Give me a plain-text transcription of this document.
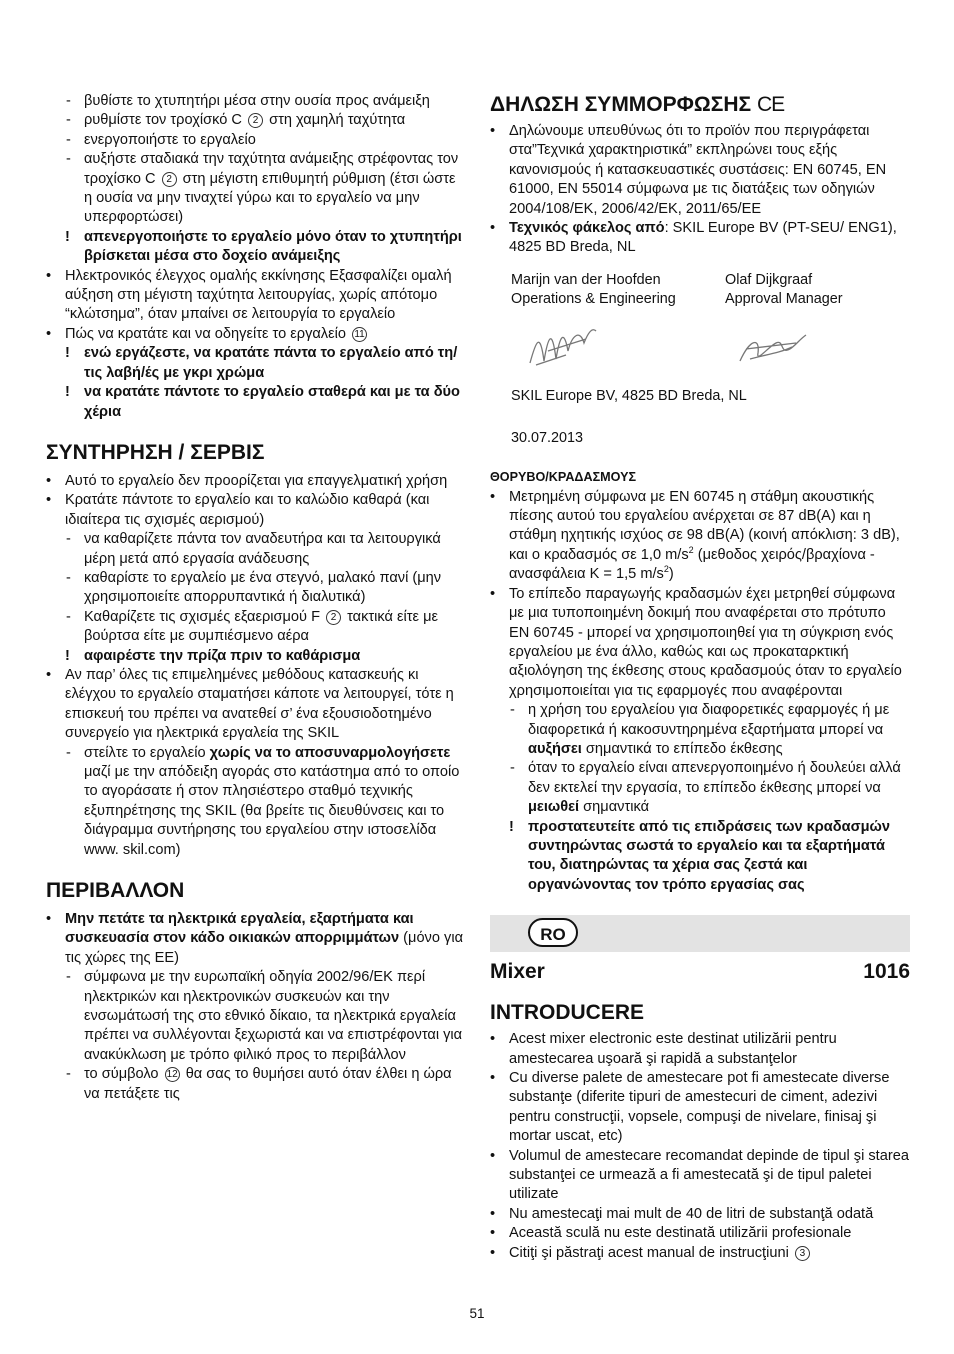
- βυθίστε το χτυπητήρι μέσα στην ουσία προς ανάμειξη
- ρυθμίστε τον τροχίσκό C 2 στη χαμηλή ταχύτητα
- ενεργοποιήστε το εργαλείο
- αυξήστε σταδιακά την ταχύτητα ανάμειξης στρέφοντας τον τροχίσκο C 2 στη μέγιστη επιθυμητή ρύθμιση (έτσι ώστε η ουσία να μην τιναχτεί γύρω και το εργαλείο να μην υπερφορτώσει)
! απενεργοποιήστε το εργαλείο μόνο όταν το χτυπητήρι βρίσκεται μέσα στο δοχείο ανάμειξης
• Ηλεκτρονικός έλεγχος ομαλής εκκίνησης Εξασφαλίζει ομαλή αύξηση στη μέγιστη ταχύτητα λειτουργίας, χωρίς απότομο “κλώτσημα”, όταν μπαίνει σε λειτουργία το εργαλείο
• Πώς να κρατάτε και να οδηγείτε το εργαλείο 11
! ενώ εργάζεστε, να κρατάτε πάντα το εργαλείο από τη/τις λαβή/ές με γκρι χρώμα
! να κρατάτε πάντοτε το εργαλείο σταθερά και με τα δύο χέρια
ΣΥΝΤΗΡΗΣΗ / ΣΕΡΒΙΣ
• Αυτό το εργαλείο δεν προορίζεται για επαγγελματική χρήση
• Κρατάτε πάντοτε το εργαλείο και το καλώδιο καθαρά (και ιδιαίτερα τις σχισμές αερισμού)
- να καθαρίζετε πάντα τον αναδευτήρα και τα λειτουργικά μέρη μετά από εργασία ανάδευσης
- καθαρίστε το εργαλείο με ένα στεγνό, μαλακό πανί (μην χρησιμοποιείτε απορρυπαντικά ή διαλυτικά)
- Καθαρίζετε τις σχισμές εξαερισμού F 2 τακτικά είτε με βούρτσα είτε με συμπιέσμενο αέρα
! αφαιρέστε την πρίζα πριν το καθάρισμα
• Αν παρ’ όλες τις επιμελημένες μεθόδους κατασκευής κι ελέγχου το εργαλείο σταματήσει κάποτε να λειτουργεί, τότε η επισκευή του πρέπει να ανατεθεί σ’ ένα εξουσιοδοτημένο συνεργείο για ηλεκτρικά εργαλεία της SKIL
- στείλτε το εργαλείο χωρίς να το αποσυναρμολογήσετε μαζί με την απόδειξη αγοράς στο κατάστημα από το οποίο το αγοράσατε ή στον πλησιέστερο σταθμό τεχνικής εξυπηρέτησης της SKIL (θα βρείτε τις διευθύνσεις και το διάγραμμα συντήρησης του εργαλείου στην ιστοσελίδα www. skil.com)
ΠΕΡΙΒΑΛΛΟΝ
• Μην πετάτε τα ηλεκτρικά εργαλεία, εξαρτήματα και συσκευασία στον κάδο οικιακών απορριμμάτων (μόνο για τις χώρες της ΕΕ)
- σύμφωνα με την ευρωπαϊκή οδηγία 2002/96/ΕΚ περί ηλεκτρικών και ηλεκτρονικών συσκευών και την ενσωμάτωσή της στο εθνικό δίκαιο, τα ηλεκτρικά εργαλεία πρέπει να συλλέγονται ξεχωριστά και να επιστρέφονται για ανακύκλωση με τρόπο φιλικό προς το περιβάλλον
- το σύμβολο 12 θα σας το θυμήσει αυτό όταν έλθει η ώρα να πετάξετε τις
ΔΗΛΩΣΗ ΣΥΜΜΟΡΦΩΣΗΣ CE
• Δηλώνουμε υπευθύνως ότι το προϊόν που περιγράφεται στα”Τεχνικά χαρακτηριστικά” εκπληρώνει τους εξής κανονισμούς ή κατασκευαστικές συστάσεις: EN 60745, EN 61000, EN 55014 σύμφωνα με τις διατάξεις των οδηγιών 2004/108/EK, 2006/42/EK, 2011/65/EE
• Τεχνικός φάκελος από: SKIL Europe BV (PT-SEU/ ENG1), 4825 BD Breda, NL
Marijn van der Hoofden
Operations & Engineering
Olaf Dijkgraaf
Approval Manager
SKIL Europe BV, 4825 BD Breda, NL
30.07.2013
ΘΟΡΥΒΟ/ΚΡΑΔΑΣΜΟΥΣ
• Μετρημένη σύμφωνα με EN 60745 η στάθμη ακουστικής πίεσης αυτού του εργαλείου ανέρχεται σε 87 dB(A) και η στάθμη ηχητικής ισχύος σε 98 dB(A) (κοινή απόκλιση: 3 dB), και ο κραδασμός σε 1,0 $m/s^2$ (μεθοδος χειρός/βραχίονα - ανασφάλεια K = 1,5 $m/s^2$)
• Το επίπεδο παραγωγής κραδασμών έχει μετρηθεί σύμφωνα με μια τυποποιημένη δοκιμή που αναφέρεται στο πρότυπο EN 60745 - μπορεί να χρησιμοποιηθεί για τη σύγκριση ενός εργαλείου με ένα άλλο, καθώς και ως προκαταρκτική αξιολόγηση της έκθεσης στους κραδασμούς όταν το εργαλείο χρησιμοποιείται για τις εφαρμογές που αναφέρονται
- η χρήση του εργαλείου για διαφορετικές εφαρμογές ή με διαφορετικά ή κακοσυντηρημένα εξαρτήματα μπορεί να αυξήσει σημαντικά το επίπεδο έκθεσης
- όταν το εργαλείο είναι απενεργοποιημένο ή δουλεύει αλλά δεν εκτελεί την εργασία, το επίπεδο έκθεσης μπορεί να μειωθεί σημαντικά
! προστατευτείτε από τις επιδράσεις των κραδασμών συντηρώντας σωστά το εργαλείο και τα εξαρτήματά του, διατηρώντας τα χέρια σας ζεστά και οργανώνοντας τον τρόπο εργασίας σας
RO
Mixer	1016
INTRODUCERE
• Acest mixer electronic este destinat utilizării pentru amestecarea uşoară şi rapidă a substanţelor
• Cu diverse palete de amestecare pot fi amestecate diverse substanţe (diferite tipuri de amestecuri de ciment, adezivi pentru construcţii, vopsele, compuşi de nivelare, finisaj şi mortar uscat, etc)
• Volumul de amestecare recomandat depinde de tipul şi starea substanţei ce urmează a fi amestecată şi de tipul paletei utilizate
• Nu amestecaţi mai mult de 40 de litri de substanţă odată
• Această sculă nu este destinată utilizării profesionale
• Citiţi şi păstraţi acest manual de instrucţiuni 3
51
